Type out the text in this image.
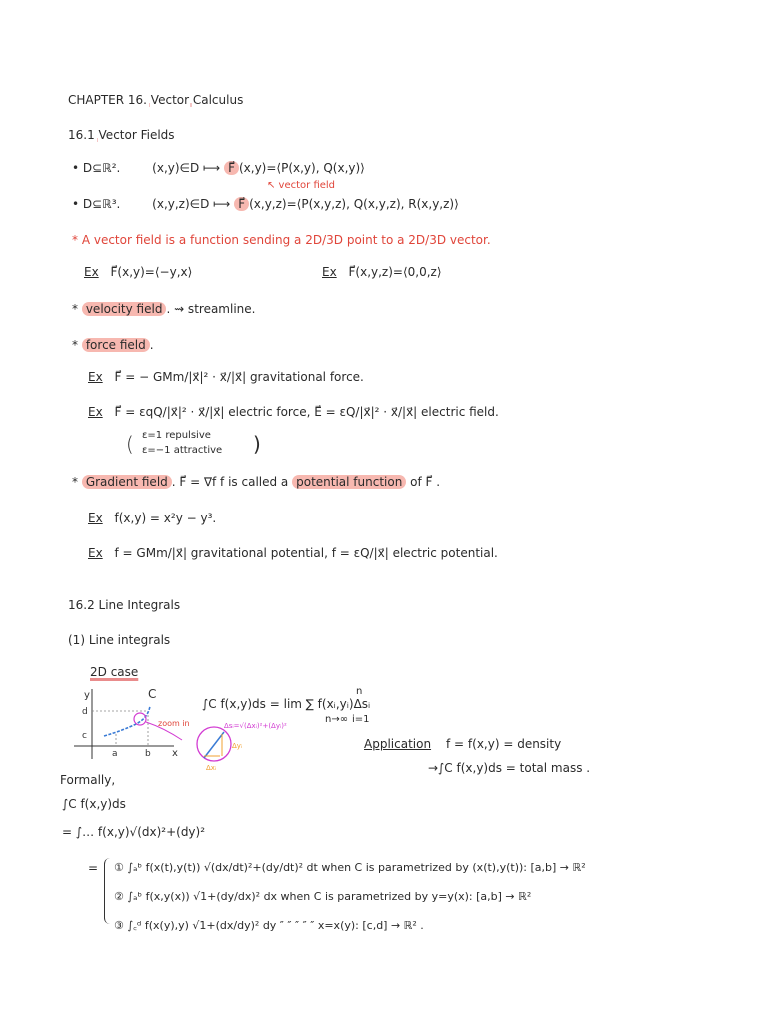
CHAPTER 16. Vector Calculus
16.1 Vector Fields
• D⊆ℝ².	(x,y)∈D ⟼ F⃗ (x,y)=⟨P(x,y), Q(x,y)⟩
↖ vector field
• D⊆ℝ³.	(x,y,z)∈D ⟼ F⃗ (x,y,z)=⟨P(x,y,z), Q(x,y,z), R(x,y,z)⟩
* A vector field is a function sending a 2D/3D point to a 2D/3D vector.
Ex F⃗(x,y)=⟨−y,x⟩	Ex F⃗(x,y,z)=⟨0,0,z⟩
* velocity field . ⇝ streamline.
* force field .
Ex F⃗ = − GMm/|x⃗|² · x⃗/|x⃗| gravitational force.
Ex F⃗ = εqQ/|x⃗|² · x⃗/|x⃗| electric force, E⃗ = εQ/|x⃗|² · x⃗/|x⃗| electric field.
( ε=1 repulsive
ε=−1 attractive )
* Gradient field . F⃗ = ∇f f is called a potential function of F⃗ .
Ex f(x,y) = x²y − y³.
Ex f = GMm/|x⃗| gravitational potential, f = εQ/|x⃗| electric potential.
16.2 Line Integrals
(1) Line integrals
2D case
y
d
c
a	b x
C
zoom in	Δsᵢ=√(Δxᵢ)²+(Δyᵢ)²
Δyᵢ
Δxᵢ
∫C f(x,y)ds = lim ∑ f(xᵢ,yᵢ)Δsᵢ
n→∞
n
i=1
Application f = f(x,y) = density
→∫C f(x,y)ds = total mass .
Formally,
∫C f(x,y)ds
= ∫… f(x,y)√(dx)²+(dy)²
= ① ∫ₐᵇ f(x(t),y(t)) √(dx/dt)²+(dy/dt)² dt when C is parametrized by (x(t),y(t)): [a,b] → ℝ²
② ∫ₐᵇ f(x,y(x)) √1+(dy/dx)² dx when C is parametrized by y=y(x): [a,b] → ℝ²
③ ∫꜀ᵈ f(x(y),y) √1+(dx/dy)² dy ″ ″ ″ ″ ″ x=x(y): [c,d] → ℝ² .
